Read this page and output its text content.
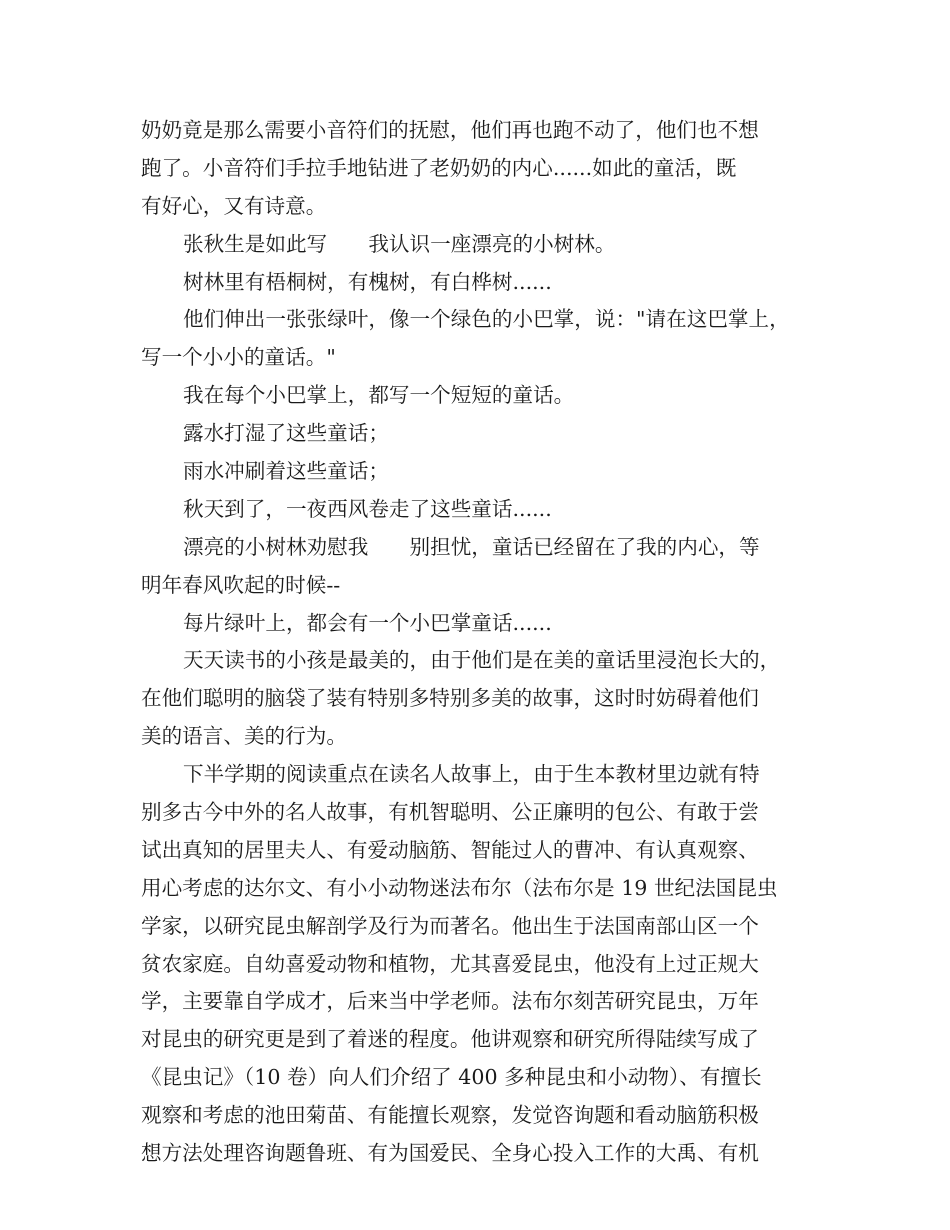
奶奶竟是那么需要小音符们的抚慰，他们再也跑不动了，他们也不想
跑了。小音符们手拉手地钻进了老奶奶的内心......如此的童活，既
有好心，又有诗意。
张秋生是如此写　　我认识一座漂亮的小树林。
树林里有梧桐树，有槐树，有白桦树......
他们伸出一张张绿叶，像一个绿色的小巴掌，说："请在这巴掌上，
写一个小小的童话。"
我在每个小巴掌上，都写一个短短的童话。
露水打湿了这些童话；
雨水冲刷着这些童话；
秋天到了，一夜西风卷走了这些童话......
漂亮的小树林劝慰我　　别担忧，童话已经留在了我的内心，等
明年春风吹起的时候--
每片绿叶上，都会有一个小巴掌童话......
天天读书的小孩是最美的，由于他们是在美的童话里浸泡长大的，
在他们聪明的脑袋了装有特别多特别多美的故事，这时时妨碍着他们
美的语言、美的行为。
下半学期的阅读重点在读名人故事上，由于生本教材里边就有特
别多古今中外的名人故事，有机智聪明、公正廉明的包公、有敢于尝
试出真知的居里夫人、有爱动脑筋、智能过人的曹冲、有认真观察、
用心考虑的达尔文、有小小动物迷法布尔（法布尔是 19 世纪法国昆虫
学家，以研究昆虫解剖学及行为而著名。他出生于法国南部山区一个
贫农家庭。自幼喜爱动物和植物，尤其喜爱昆虫，他没有上过正规大
学，主要靠自学成才，后来当中学老师。法布尔刻苦研究昆虫，万年
对昆虫的研究更是到了着迷的程度。他讲观察和研究所得陆续写成了
《昆虫记》（10 卷）向人们介绍了 400 多种昆虫和小动物）、有擅长
观察和考虑的池田菊苗、有能擅长观察，发觉咨询题和看动脑筋积极
想方法处理咨询题鲁班、有为国爱民、全身心投入工作的大禹、有机
